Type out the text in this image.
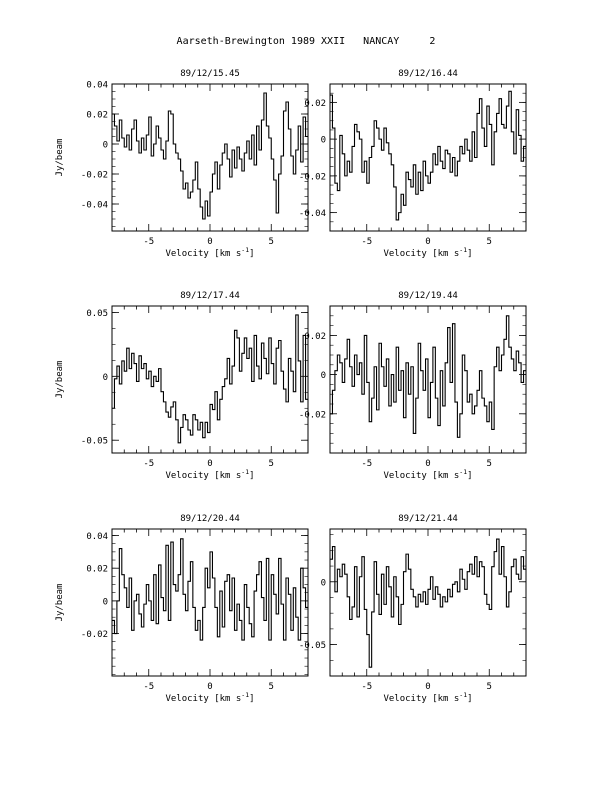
Aarseth-Brewington 1989 XXII   NANCAY     2
0.04
0.02
0
-0.02
-0.04
-5	0	5
89/12/15.45
Velocity [km $s^{-1}$]
Jy/beam
0.02
0
-0.02
-0.04
-5	0	5
89/12/16.44
Velocity [km $s^{-1}$]
0.05
0
-0.05
-5	0	5
89/12/17.44
Velocity [km $s^{-1}$]
Jy/beam
0.02
0
-0.02
-5	0	5
89/12/19.44
Velocity [km $s^{-1}$]
0.04
0.02
0
-0.02
-5	0	5
89/12/20.44
Velocity [km $s^{-1}$]
Jy/beam
0
-0.05
-5	0	5
89/12/21.44
Velocity [km $s^{-1}$]
